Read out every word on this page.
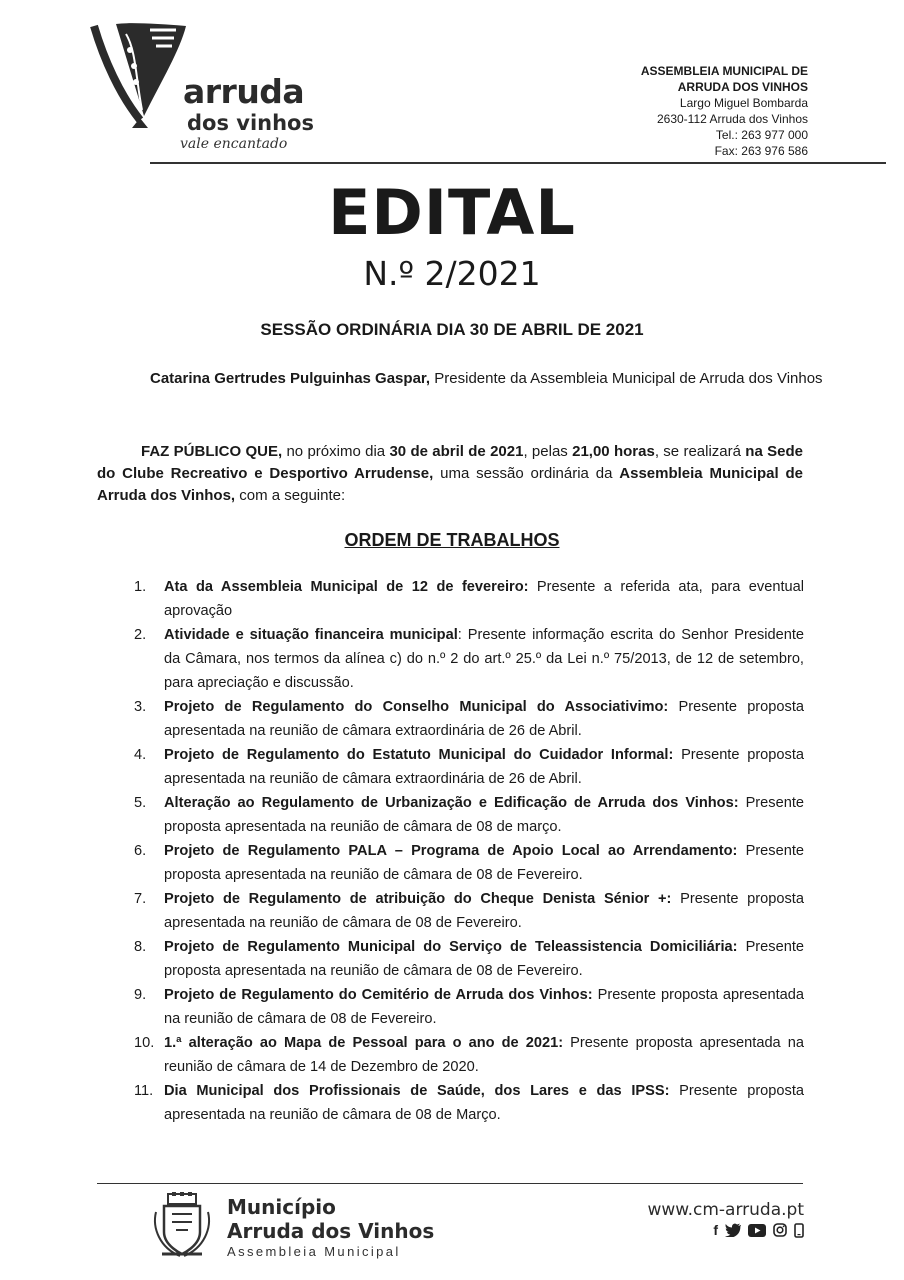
arruda
dos vinhos
vale encantado
ASSEMBLEIA MUNICIPAL DE
ARRUDA DOS VINHOS
Largo Miguel Bombarda
2630-112 Arruda dos Vinhos
Tel.: 263 977 000
Fax: 263 976 586
EDITAL
N.º 2/2021
SESSÃO ORDINÁRIA DIA 30 DE ABRIL DE 2021
Catarina Gertrudes Pulguinhas Gaspar, Presidente da Assembleia Municipal de Arruda dos Vinhos
FAZ PÚBLICO QUE, no próximo dia 30 de abril de 2021, pelas 21,00 horas, se realizará na Sede do Clube Recreativo e Desportivo Arrudense, uma sessão ordinária da Assembleia Municipal de Arruda dos Vinhos, com a seguinte:
ORDEM DE TRABALHOS
1.	Ata da Assembleia Municipal de 12 de fevereiro: Presente a referida ata, para eventual aprovação
2.	Atividade e situação financeira municipal: Presente informação escrita do Senhor Presidente da Câmara, nos termos da alínea c) do n.º 2 do art.º 25.º da Lei n.º 75/2013, de 12 de setembro, para apreciação e discussão.
3.	Projeto de Regulamento do Conselho Municipal do Associativimo: Presente proposta apresentada na reunião de câmara extraordinária de 26 de Abril.
4.	Projeto de Regulamento do Estatuto Municipal do Cuidador Informal: Presente proposta apresentada na reunião de câmara extraordinária de 26 de Abril.
5.	Alteração ao Regulamento de Urbanização e Edificação de Arruda dos Vinhos: Presente proposta apresentada na reunião de câmara de 08 de março.
6.	Projeto de Regulamento PALA – Programa de Apoio Local ao Arrendamento: Presente proposta apresentada na reunião de câmara de 08 de Fevereiro.
7.	Projeto de Regulamento de atribuição do Cheque Denista Sénior +: Presente proposta apresentada na reunião de câmara de 08 de Fevereiro.
8.	Projeto de Regulamento Municipal do Serviço de Teleassistencia Domiciliária: Presente proposta apresentada na reunião de câmara de 08 de Fevereiro.
9.	Projeto de Regulamento do Cemitério de Arruda dos Vinhos: Presente proposta apresentada na reunião de câmara de 08 de Fevereiro.
10. 1.ª alteração ao Mapa de Pessoal para o ano de 2021: Presente proposta apresentada na reunião de câmara de 14 de Dezembro de 2020.
11. Dia Municipal dos Profissionais de Saúde, dos Lares e das IPSS: Presente proposta apresentada na reunião de câmara de 08 de Março.
Município
Arruda dos Vinhos
Assembleia Municipal
www.cm-arruda.pt
f
